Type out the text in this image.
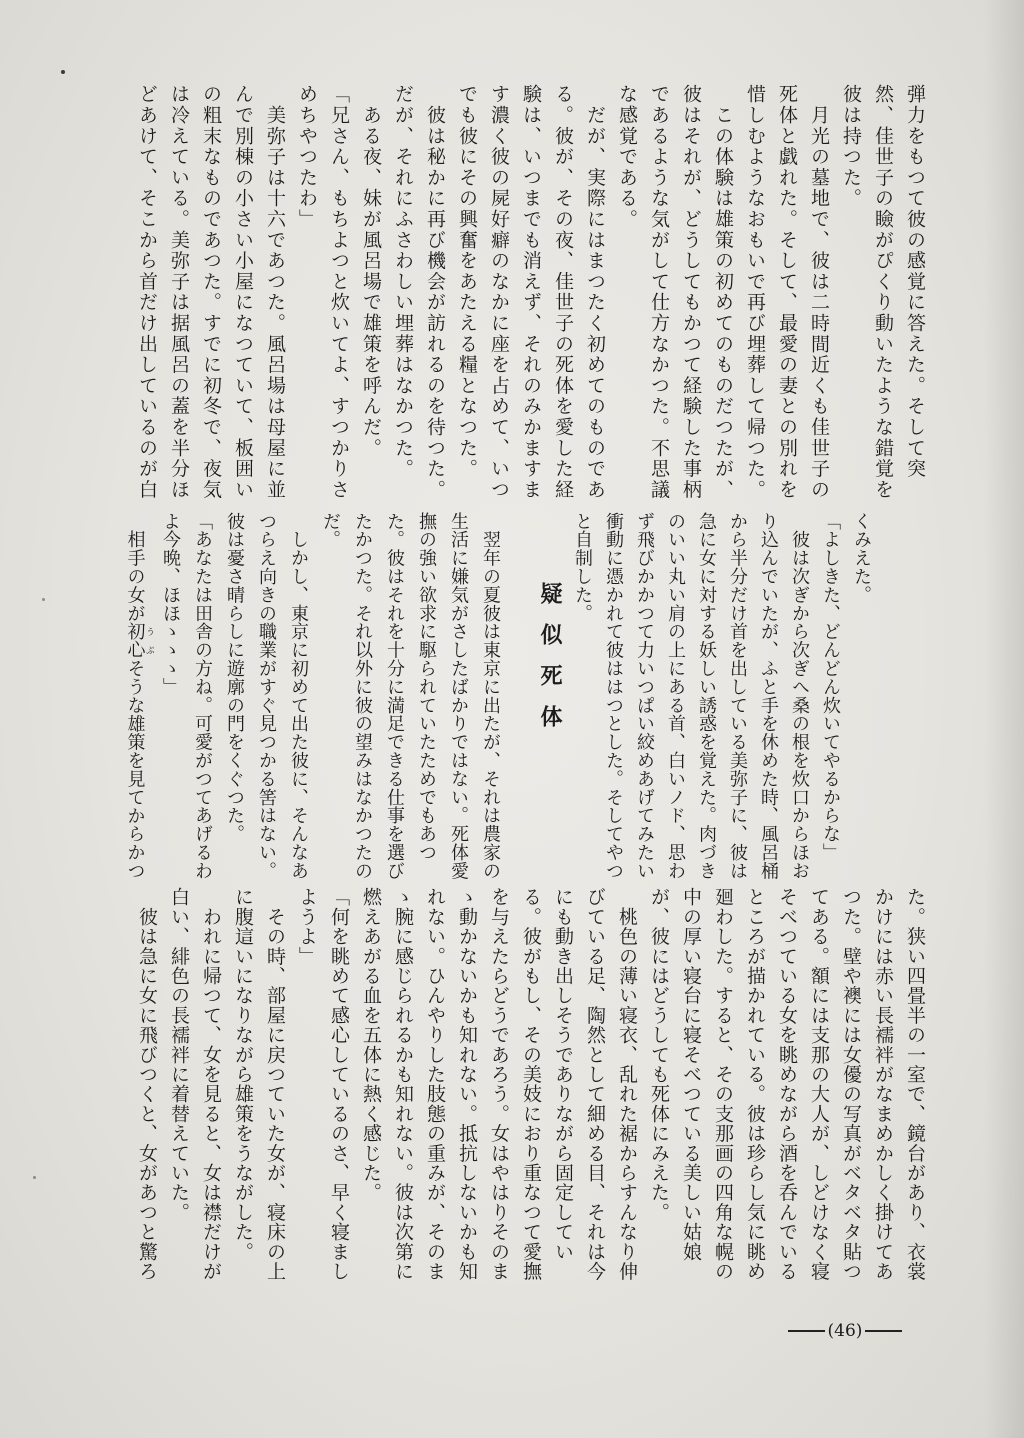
弾力をもつて彼の感覚に答えた。そして突
然、佳世子の瞼がぴくり動いたような錯覚を
彼は持つた。
　月光の墓地で、彼は二時間近くも佳世子の
死体と戯れた。そして、最愛の妻との別れを
惜しむようなおもいで再び埋葬して帰つた。
　この体験は雄策の初めてのものだつたが、
彼はそれが、どうしてもかつて経験した事柄
であるような気がして仕方なかつた。不思議
な感覚である。
　だが、実際にはまつたく初めてのものであ
る。彼が、その夜、佳世子の死体を愛した経
験は、いつまでも消えず、それのみかますま
す濃く彼の屍好癖のなかに座を占めて、いつ
でも彼にその興奮をあたえる糧となつた。
　彼は秘かに再び機会が訪れるのを待つた。
だが、それにふさわしい埋葬はなかつた。
　ある夜、妹が風呂場で雄策を呼んだ。
「兄さん、もちよつと炊いてよ、すつかりさ
めちやつたわ」
　美弥子は十六であつた。風呂場は母屋に並
んで別棟の小さい小屋になつていて、板囲い
の粗末なものであつた。すでに初冬で、夜気
は冷えている。美弥子は据風呂の蓋を半分ほ
どあけて、そこから首だけ出しているのが白
くみえた。
「よしきた、どんどん炊いてやるからな」
　彼は次ぎから次ぎへ桑の根を炊口からほお
り込んでいたが、ふと手を休めた時、風呂桶
から半分だけ首を出している美弥子に、彼は
急に女に対する妖しい誘惑を覚えた。肉づき
のいい丸い肩の上にある首、白いノド、思わ
ず飛びかかつて力いつぱい絞めあげてみたい
衝動に憑かれて彼ははつとした。そしてやつ
と自制した。
疑似死体
　翌年の夏彼は東京に出たが、それは農家の
生活に嫌気がさしたばかりではない。死体愛
撫の強い欲求に駆られていたためでもあつ
た。彼はそれを十分に満足できる仕事を選び
たかつた。それ以外に彼の望みはなかつたの
だ。
　しかし、東京に初めて出た彼に、そんなあ
つらえ向きの職業がすぐ見つかる筈はない。
彼は憂さ晴らしに遊廓の門をくぐつた。
「あなたは田舎の方ね。可愛がつてあげるわ
よ今晩、ほほゝゝゝ」
　相手の女が初心うぶそうな雄策を見てからかつ
た。狭い四畳半の一室で、鏡台があり、衣裳
かけには赤い長襦袢がなまめかしく掛けてあ
つた。壁や襖には女優の写真がベタベタ貼つ
てある。額には支那の大人が、しどけなく寝
そべつている女を眺めながら酒を呑んでいる
ところが描かれている。彼は珍らし気に眺め
廻わした。すると、その支那画の四角な幌の
中の厚い寝台に寝そべつている美しい姑娘
が、彼にはどうしても死体にみえた。
　桃色の薄い寝衣、乱れた裾からすんなり伸
びている足、陶然として細める目、それは今
にも動き出しそうでありながら固定してい
る。彼がもし、その美妓におり重なつて愛撫
を与えたらどうであろう。女はやはりそのま
ゝ動かないかも知れない。抵抗しないかも知
れない。ひんやりした肢態の重みが、そのま
ゝ腕に感じられるかも知れない。彼は次第に
燃えあがる血を五体に熱く感じた。
「何を眺めて感心しているのさ、早く寝まし
ようよ」
　その時、部屋に戻つていた女が、寝床の上
に腹這いになりながら雄策をうながした。
　われに帰つて、女を見ると、女は襟だけが
白い、緋色の長襦袢に着替えていた。
　彼は急に女に飛びつくと、女があつと驚ろ
(46)
